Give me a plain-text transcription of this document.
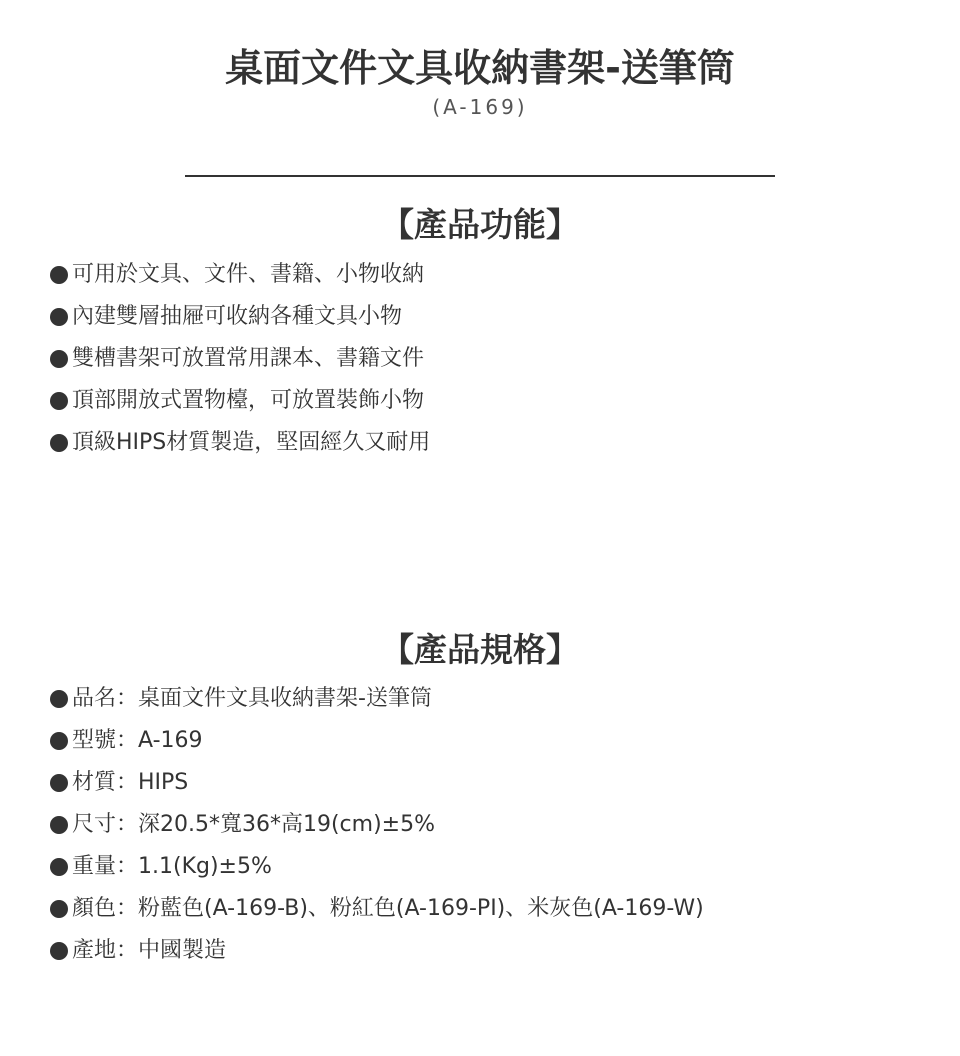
桌面文件文具收納書架-送筆筒
(A-169)
【產品功能】
可用於文具、文件、書籍、小物收納
內建雙層抽屜可收納各種文具小物
雙槽書架可放置常用課本、書籍文件
頂部開放式置物檯，可放置裝飾小物
頂級HIPS材質製造，堅固經久又耐用
【產品規格】
品名：桌面文件文具收納書架-送筆筒
型號：A-169
材質：HIPS
尺寸：深20.5*寬36*高19(cm)±5%
重量：1.1(Kg)±5%
顏色：粉藍色(A-169-B)、粉紅色(A-169-PI)、米灰色(A-169-W)
產地：中國製造
